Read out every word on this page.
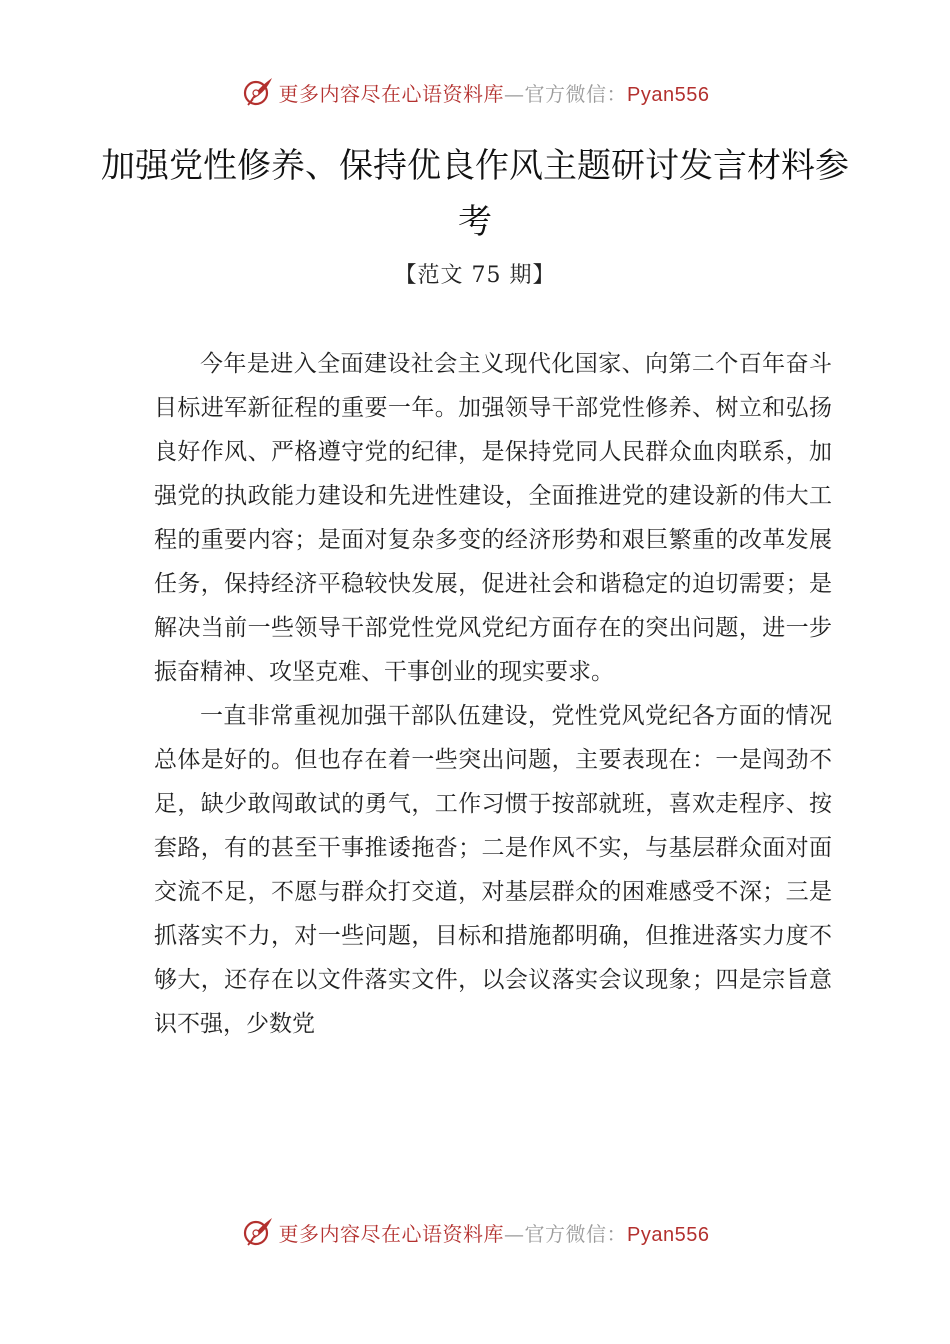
更多内容尽在心语资料库—官方微信：Pyan556
加强党性修养、保持优良作风主题研讨发言材料参考
【范文 75 期】

今年是进入全面建设社会主义现代化国家、向第二个百年奋斗目标进军新征程的重要一年。加强领导干部党性修养、树立和弘扬良好作风、严格遵守党的纪律，是保持党同人民群众血肉联系，加强党的执政能力建设和先进性建设，全面推进党的建设新的伟大工程的重要内容；是面对复杂多变的经济形势和艰巨繁重的改革发展任务，保持经济平稳较快发展，促进社会和谐稳定的迫切需要；是解决当前一些领导干部党性党风党纪方面存在的突出问题，进一步振奋精神、攻坚克难、干事创业的现实要求。

一直非常重视加强干部队伍建设，党性党风党纪各方面的情况总体是好的。但也存在着一些突出问题，主要表现在：一是闯劲不足，缺少敢闯敢试的勇气，工作习惯于按部就班，喜欢走程序、按套路，有的甚至干事推诿拖沓；二是作风不实，与基层群众面对面交流不足，不愿与群众打交道，对基层群众的困难感受不深；三是抓落实不力，对一些问题，目标和措施都明确，但推进落实力度不够大，还存在以文件落实文件，以会议落实会议现象；四是宗旨意识不强，少数党

更多内容尽在心语资料库—官方微信：Pyan556
